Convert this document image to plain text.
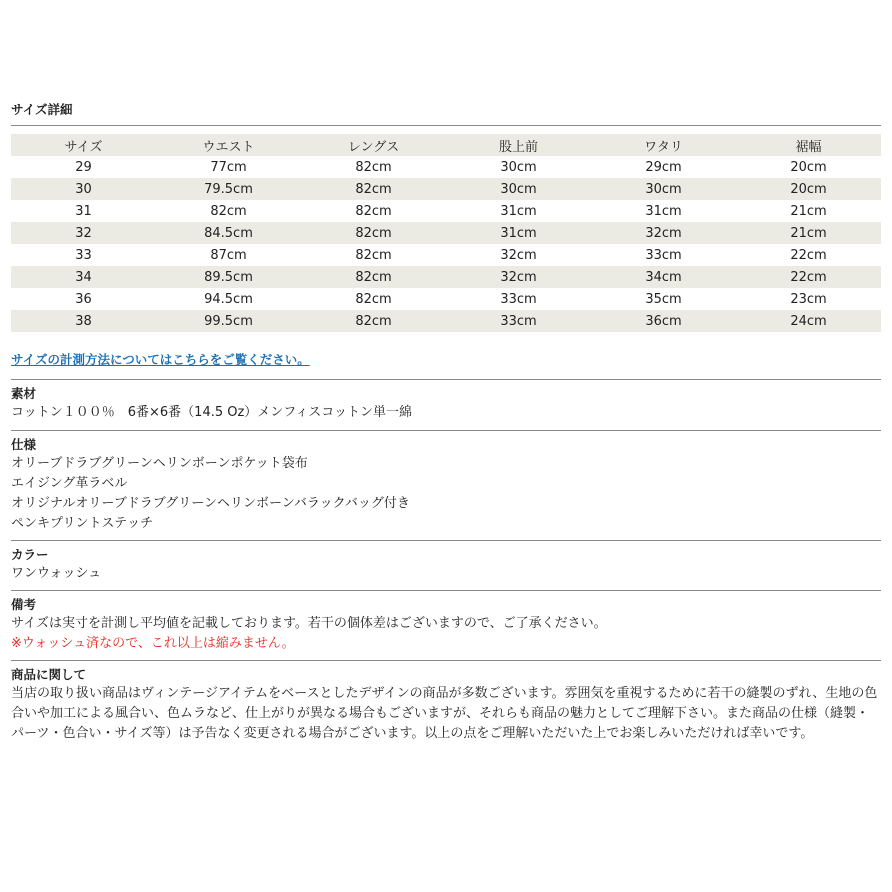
サイズ詳細
サイズ	ウエスト	レングス	股上前	ワタリ	裾幅
29	77cm	82cm	30cm	29cm	20cm
30	79.5cm	82cm	30cm	30cm	20cm
31	82cm	82cm	31cm	31cm	21cm
32	84.5cm	82cm	31cm	32cm	21cm
33	87cm	82cm	32cm	33cm	22cm
34	89.5cm	82cm	32cm	34cm	22cm
36	94.5cm	82cm	33cm	35cm	23cm
38	99.5cm	82cm	33cm	36cm	24cm
サイズの計測方法についてはこちらをご覧ください。
素材
コットン１００％　6番×6番（14.5 Oz）メンフィスコットン単一綿
仕様
オリーブドラブグリーンヘリンボーンポケット袋布
エイジング革ラベル
オリジナルオリーブドラブグリーンヘリンボーンバラックバッグ付き
ペンキプリントステッチ
カラー
ワンウォッシュ
備考
サイズは実寸を計測し平均値を記載しております。若干の個体差はございますので、ご了承ください。
※ウォッシュ済なので、これ以上は縮みません。
商品に関して
当店の取り扱い商品はヴィンテージアイテムをベースとしたデザインの商品が多数ございます。雰囲気を重視するために若干の縫製のずれ、生地の色合いや加工による風合い、色ムラなど、仕上がりが異なる場合もございますが、それらも商品の魅力としてご理解下さい。また商品の仕様（縫製・パーツ・色合い・サイズ等）は予告なく変更される場合がございます。以上の点をご理解いただいた上でお楽しみいただければ幸いです。
